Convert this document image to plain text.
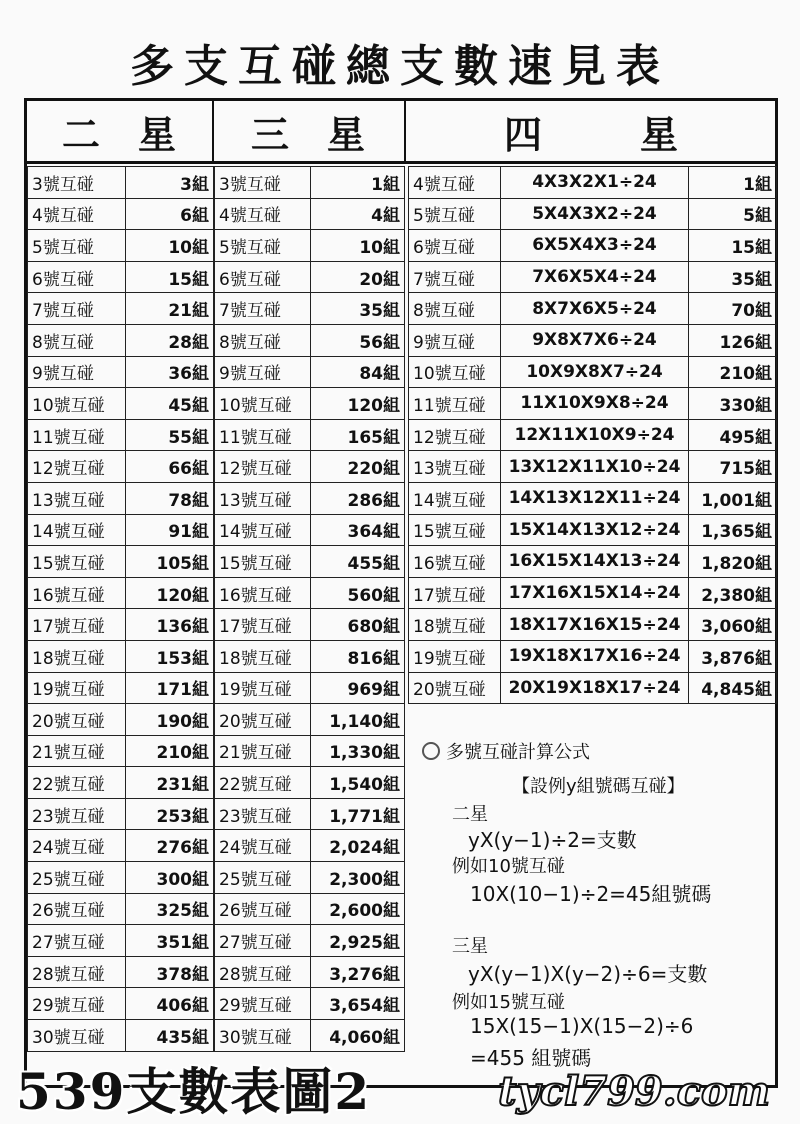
多支互碰總支數速見表
二　星 三　星	四	星
3號互碰	3組
4號互碰	6組
5號互碰	10組
6號互碰	15組
7號互碰	21組
8號互碰	28組
9號互碰	36組
10號互碰	45組
11號互碰	55組
12號互碰	66組
13號互碰	78組
14號互碰	91組
15號互碰	105組
16號互碰	120組
17號互碰	136組
18號互碰	153組
19號互碰	171組
20號互碰	190組
21號互碰	210組
22號互碰	231組
23號互碰	253組
24號互碰	276組
25號互碰	300組
26號互碰	325組
27號互碰	351組
28號互碰	378組
29號互碰	406組
30號互碰	435組
3號互碰	1組
4號互碰	4組
5號互碰	10組
6號互碰	20組
7號互碰	35組
8號互碰	56組
9號互碰	84組
10號互碰	120組
11號互碰	165組
12號互碰	220組
13號互碰	286組
14號互碰	364組
15號互碰	455組
16號互碰	560組
17號互碰	680組
18號互碰	816組
19號互碰	969組
20號互碰	1,140組
21號互碰	1,330組
22號互碰	1,540組
23號互碰	1,771組
24號互碰	2,024組
25號互碰	2,300組
26號互碰	2,600組
27號互碰	2,925組
28號互碰	3,276組
29號互碰	3,654組
30號互碰	4,060組
4號互碰	4X3X2X1÷24	1組
5號互碰	5X4X3X2÷24	5組
6號互碰	6X5X4X3÷24	15組
7號互碰	7X6X5X4÷24	35組
8號互碰	8X7X6X5÷24	70組
9號互碰	9X8X7X6÷24	126組
10號互碰	10X9X8X7÷24	210組
11號互碰	11X10X9X8÷24	330組
12號互碰	12X11X10X9÷24	495組
13號互碰	13X12X11X10÷24	715組
14號互碰	14X13X12X11÷24	1,001組
15號互碰	15X14X13X12÷24	1,365組
16號互碰	16X15X14X13÷24	1,820組
17號互碰	17X16X15X14÷24	2,380組
18號互碰	18X17X16X15÷24	3,060組
19號互碰	19X18X17X16÷24	3,876組
20號互碰	20X19X18X17÷24	4,845組
多號互碰計算公式
【設例y組號碼互碰】
二星
yX(y−1)÷2=支數
例如10號互碰
10X(10−1)÷2=45組號碼
三星
yX(y−1)X(y−2)÷6=支數
例如15號互碰
15X(15−1)X(15−2)÷6
=455 組號碼
539支數表圖2	tycl799.com
